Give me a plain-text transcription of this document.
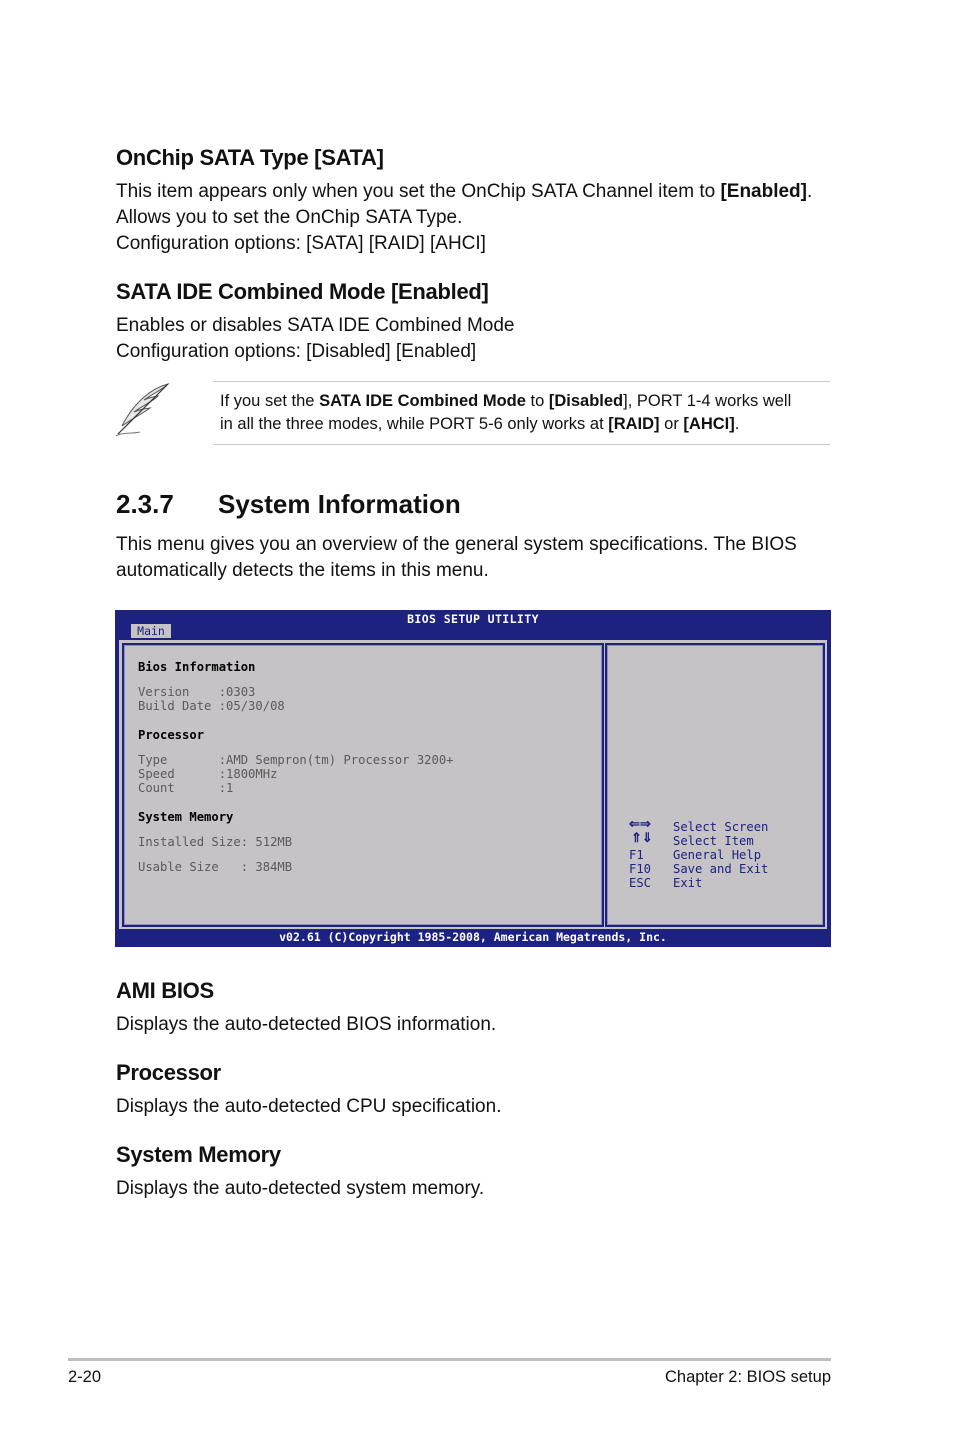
OnChip SATA Type [SATA]
This item appears only when you set the OnChip SATA Channel item to [Enabled].
Allows you to set the OnChip SATA Type.
Configuration options: [SATA] [RAID] [AHCI]
SATA IDE Combined Mode [Enabled]
Enables or disables SATA IDE Combined Mode
Configuration options: [Disabled] [Enabled]
If you set the SATA IDE Combined Mode to [Disabled], PORT 1-4 works well
in all the three modes, while PORT 5-6 only works at [RAID] or [AHCI].
2.3.7 System Information
This menu gives you an overview of the general system specifications. The BIOS
automatically detects the items in this menu.
BIOS SETUP UTILITY
Main
Bios Information
Version    :0303
Build Date :05/30/08
Processor
Type       :AMD Sempron(tm) Processor 3200+
Speed      :1800MHz
Count      :1
System Memory
Installed Size: 512MB
Usable Size   : 384MB
⇐⇒
⇑⇓
F1
F10
ESC
Select Screen
Select Item
General Help
Save and Exit
Exit
v02.61 (C)Copyright 1985-2008, American Megatrends, Inc.
AMI BIOS
Displays the auto-detected BIOS information.
Processor
Displays the auto-detected CPU specification.
System Memory
Displays the auto-detected system memory.
2-20	Chapter 2: BIOS setup
